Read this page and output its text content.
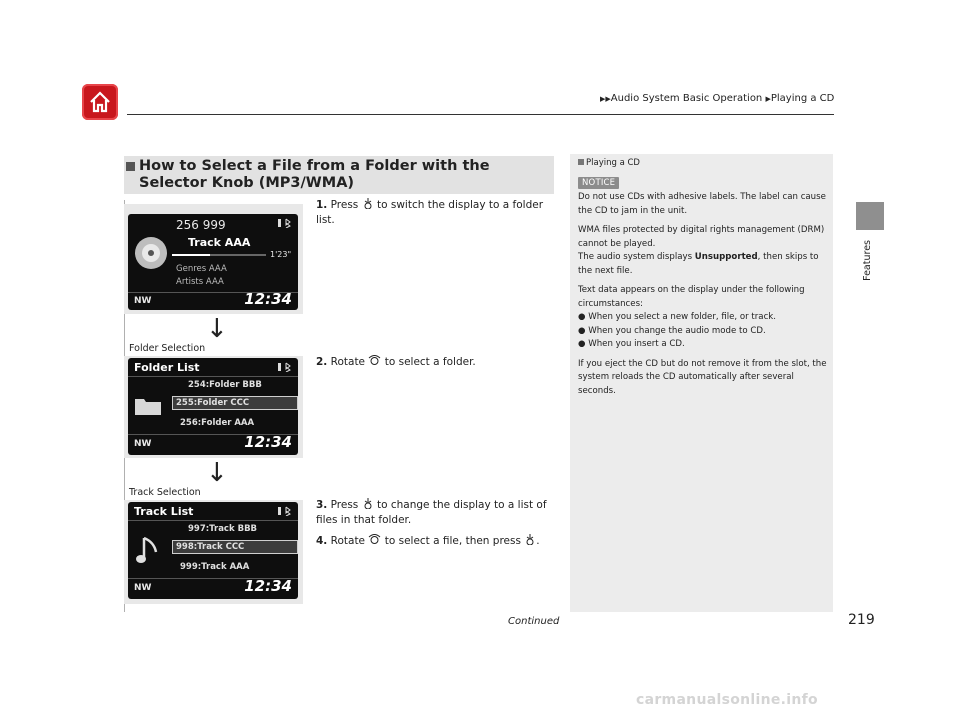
▶▶Audio System Basic Operation ▶Playing a CD
Features
How to Select a File from a Folder with the Selector Knob (MP3/WMA)
256 999
Track AAA
1'23"
Genres AAA
Artists AAA
NW	12:34
↓
Folder Selection
Folder List
254:Folder BBB
255:Folder CCC
256:Folder AAA
NW	12:34
↓
Track Selection
Track List
997:Track BBB
998:Track CCC
999:Track AAA
NW	12:34
1. Press to switch the display to a folder list.
2. Rotate to select a folder.
3. Press to change the display to a list of files in that folder.
4. Rotate to select a file, then press .
Playing a CD
NOTICE

Do not use CDs with adhesive labels. The label can cause the CD to jam in the unit.

WMA files protected by digital rights management (DRM) cannot be played.

The audio system displays Unsupported, then skips to the next file.

Text data appears on the display under the following circumstances:

● When you select a new folder, file, or track.

● When you change the audio mode to CD.

● When you insert a CD.

If you eject the CD but do not remove it from the slot, the system reloads the CD automatically after several seconds.

Continued	219
carmanualsonline.info
